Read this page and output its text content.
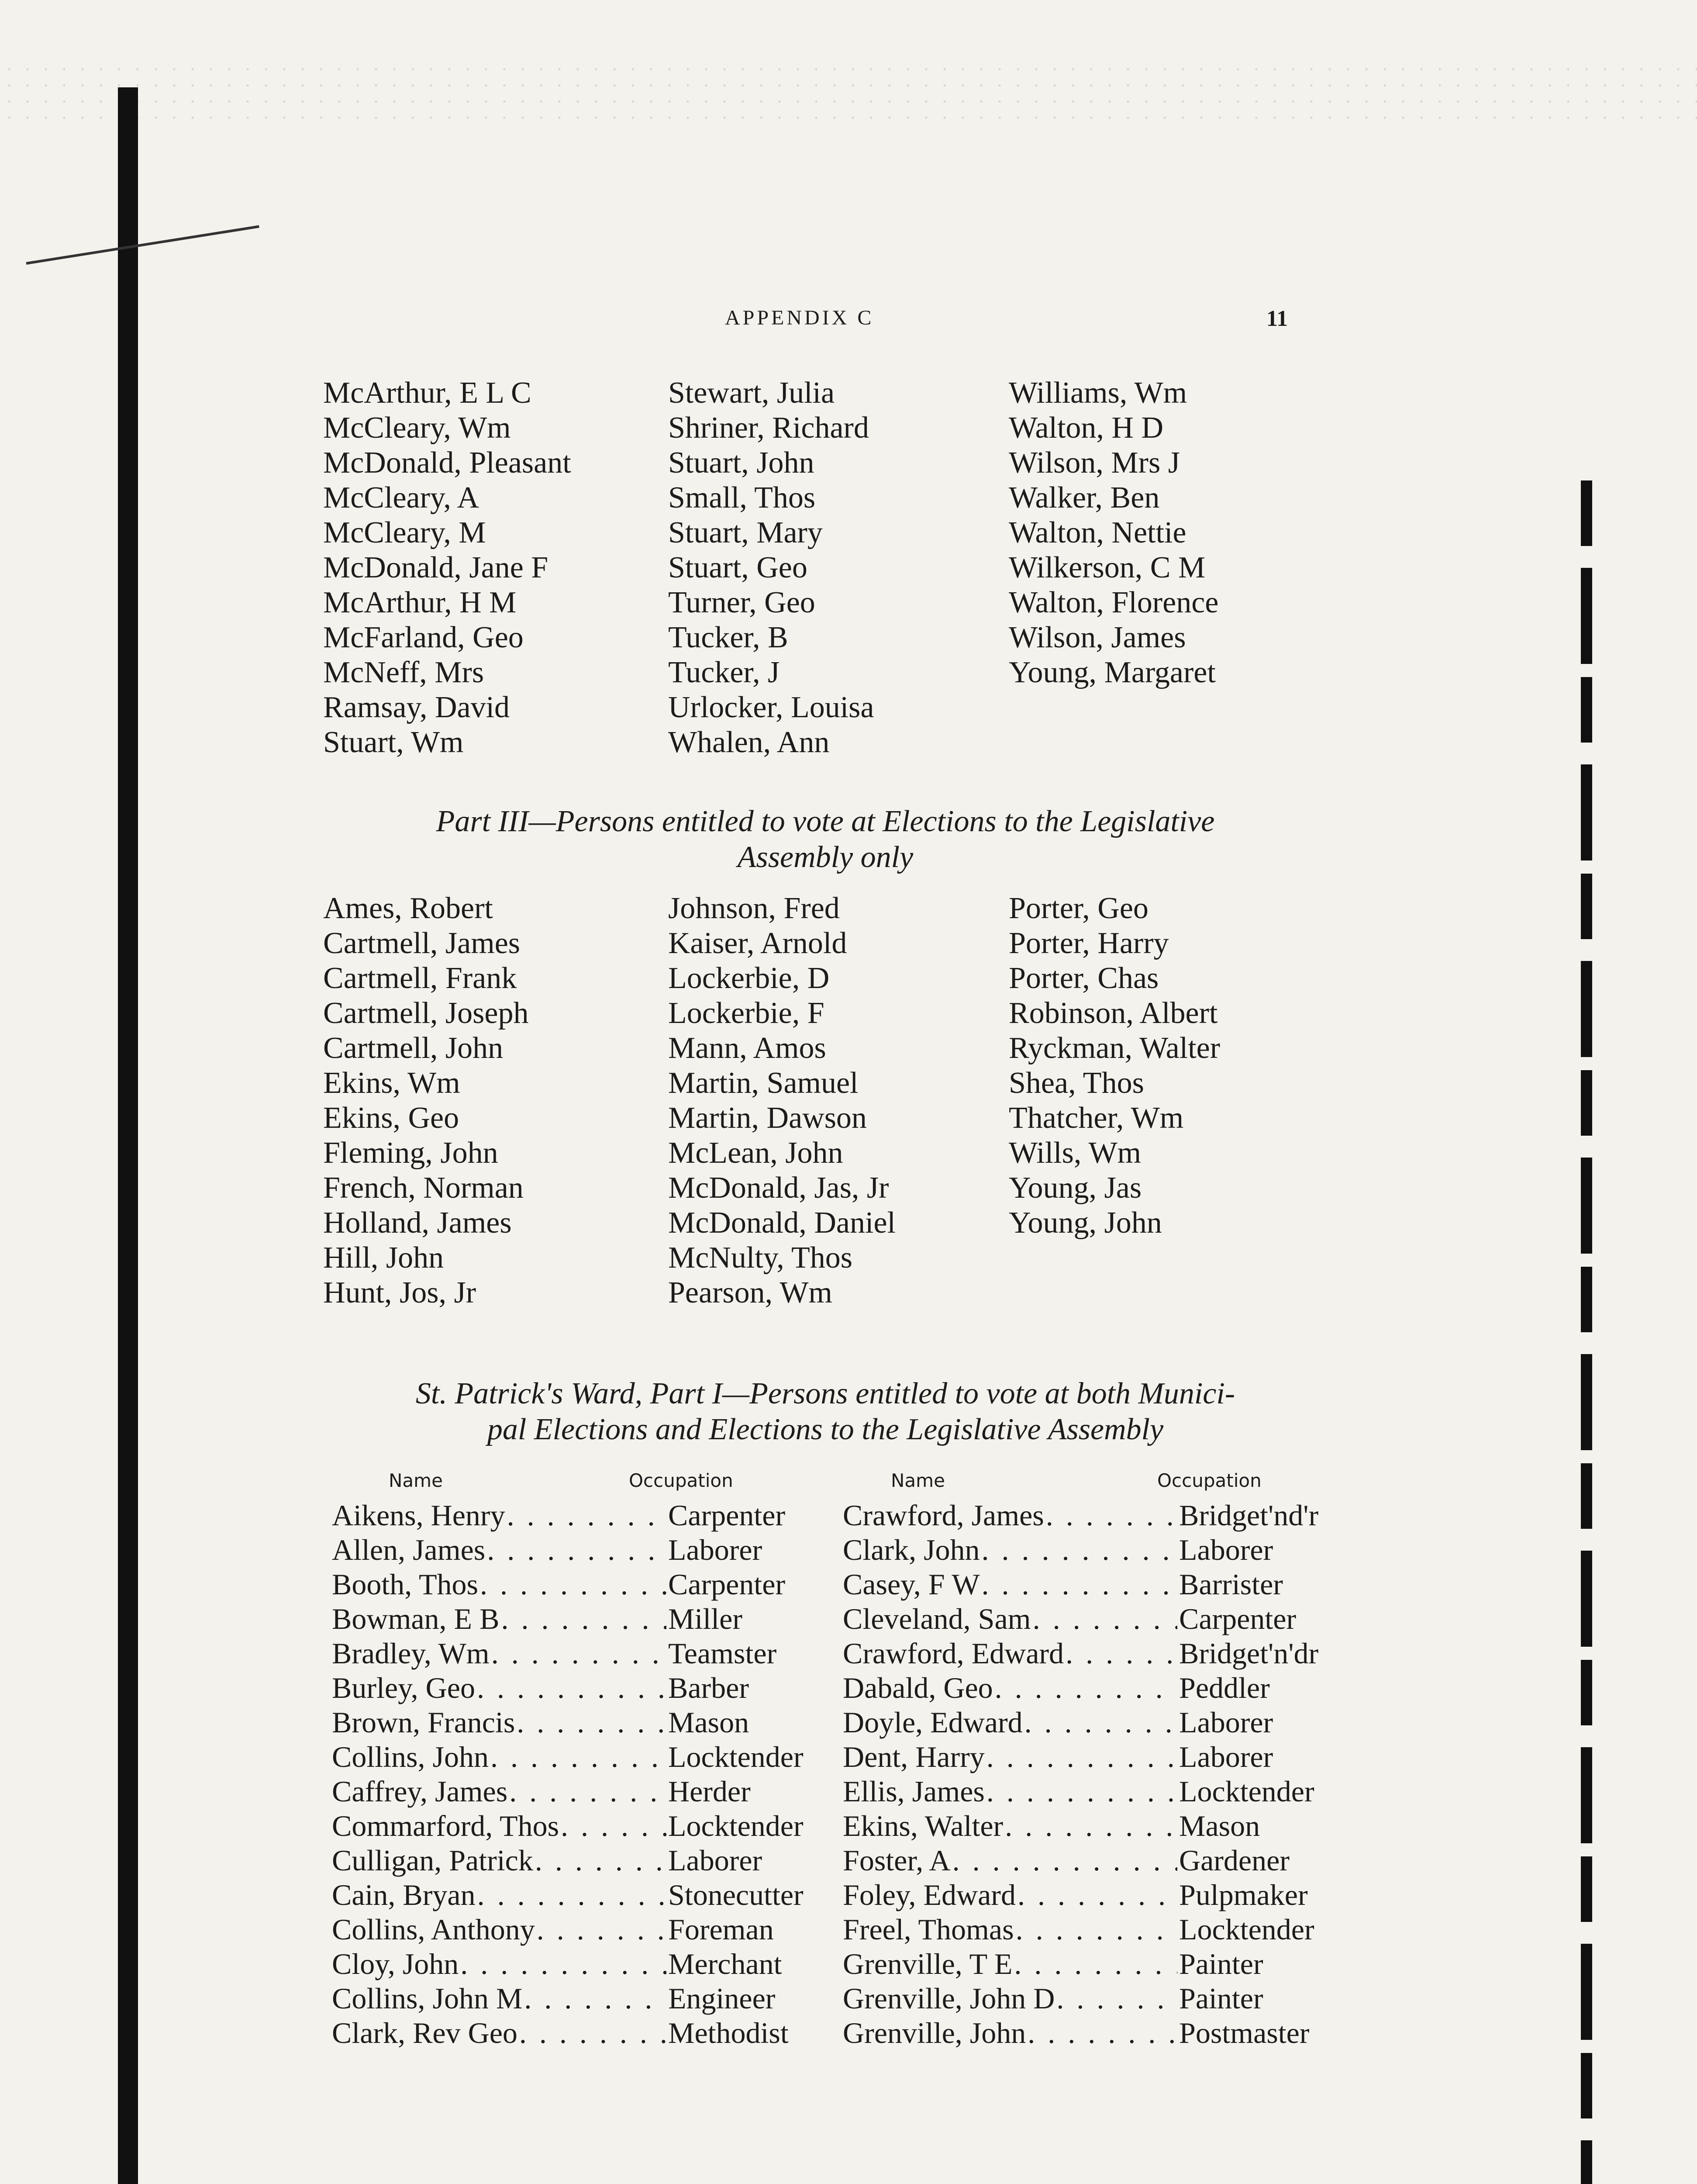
APPENDIX C	11
McArthur, E L C
McCleary, Wm
McDonald, Pleasant
McCleary, A
McCleary, M
McDonald, Jane F
McArthur, H M
McFarland, Geo
McNeff, Mrs
Ramsay, David
Stuart, Wm
Stewart, Julia
Shriner, Richard
Stuart, John
Small, Thos
Stuart, Mary
Stuart, Geo
Turner, Geo
Tucker, B
Tucker, J
Urlocker, Louisa
Whalen, Ann
Williams, Wm
Walton, H D
Wilson, Mrs J
Walker, Ben
Walton, Nettie
Wilkerson, C M
Walton, Florence
Wilson, James
Young, Margaret
Part III—Persons entitled to vote at Elections to the Legislative
Assembly only
Ames, Robert
Cartmell, James
Cartmell, Frank
Cartmell, Joseph
Cartmell, John
Ekins, Wm
Ekins, Geo
Fleming, John
French, Norman
Holland, James
Hill, John
Hunt, Jos, Jr
Johnson, Fred
Kaiser, Arnold
Lockerbie, D
Lockerbie, F
Mann, Amos
Martin, Samuel
Martin, Dawson
McLean, John
McDonald, Jas, Jr
McDonald, Daniel
McNulty, Thos
Pearson, Wm
Porter, Geo
Porter, Harry
Porter, Chas
Robinson, Albert
Ryckman, Walter
Shea, Thos
Thatcher, Wm
Wills, Wm
Young, Jas
Young, John
St. Patrick's Ward, Part I—Persons entitled to vote at both Munici-
pal Elections and Elections to the Legislative Assembly
Name	Occupation	Name	Occupation
Aikens, Henry . . .	Carpenter
Allen, James . . .	Laborer
Booth, Thos . . .	Carpenter
Bowman, E B . . .	Miller
Bradley, Wm . . .	Teamster
Burley, Geo . . .	Barber
Brown, Francis . . .	Mason
Collins, John . . .	Locktender
Caffrey, James . . .	Herder
Commarford, Thos . . .	Locktender
Culligan, Patrick . . .	Laborer
Cain, Bryan . . .	Stonecutter
Collins, Anthony . . .	Foreman
Cloy, John . . .	Merchant
Collins, John M . . .	Engineer
Clark, Rev Geo . . .	Methodist
Crawford, James . . .	Bridget'nd'r
Clark, John . . .	Laborer
Casey, F W . . .	Barrister
Cleveland, Sam . . .	Carpenter
Crawford, Edward . . .	Bridget'n'dr
Dabald, Geo . . .	Peddler
Doyle, Edward . . .	Laborer
Dent, Harry . . .	Laborer
Ellis, James . . .	Locktender
Ekins, Walter . . .	Mason
Foster, A . . .	Gardener
Foley, Edward . . .	Pulpmaker
Freel, Thomas . . .	Locktender
Grenville, T E . . .	Painter
Grenville, John D . . .	Painter
Grenville, John . . .	Postmaster
